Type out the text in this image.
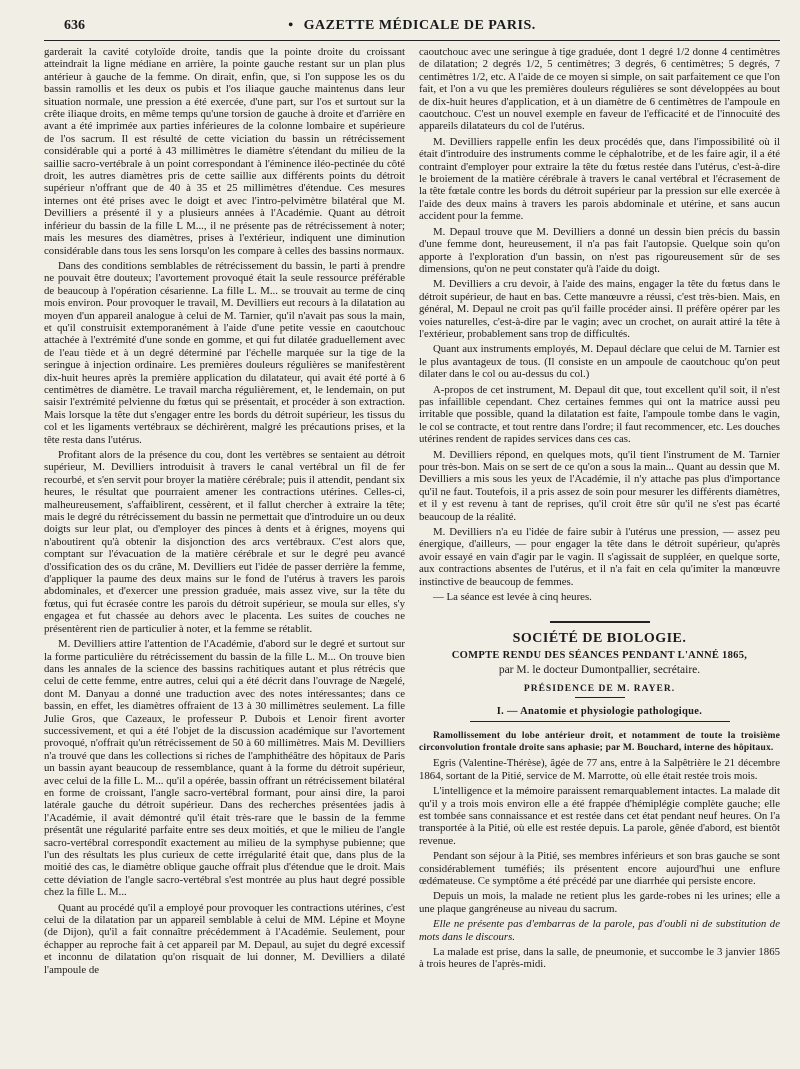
636	• GAZETTE MÉDICALE DE PARIS.

garderait la cavité cotyloïde droite, tandis que la pointe droite du croissant atteindrait la ligne médiane en arrière, la pointe gauche restant sur un plan plus antérieur à gauche de la femme. On dirait, enfin, que, si l'on suppose les os du bassin ramollis et les deux os pubis et l'os iliaque gauche maintenus dans leur situation normale, une pression a été exercée, d'une part, sur l'os et surtout sur la crête iliaque droits, en même temps qu'une torsion de gauche à droite et d'arrière en avant a été imprimée aux parties inférieures de la colonne lombaire et supérieure de l'os sacrum. Il est résulté de cette viciation du bassin un rétrécissement considérable qui a porté à 43 millimètres le diamètre s'étendant du milieu de la saillie sacro-vertébrale à un point correspondant à l'éminence iléo-pectinée du côté droit, les autres diamètres pris de cette saillie aux différents points du détroit supérieur n'offrant que de 40 à 35 et 25 millimètres d'étendue. Ces mesures internes ont été prises avec le doigt et avec l'intro-pelvimètre bilatéral que M. Devilliers a présenté il y a plusieurs années à l'Académie. Quant au détroit inférieur du bassin de la fille L M..., il ne présente pas de rétrécissement à noter; mais les mesures des diamètres, prises à l'extérieur, indiquent une diminution considérable dans tous les sens lorsqu'on les compare à celles des bassins normaux.

Dans des conditions semblables de rétrécissement du bassin, le parti à prendre ne pouvait être douteux; l'avortement provoqué était la seule ressource préférable de beaucoup à l'opération césarienne. La fille L. M... se trouvait au terme de cinq mois environ. Pour provoquer le travail, M. Devilliers eut recours à la dilatation au moyen d'un appareil analogue à celui de M. Tarnier, qu'il n'avait pas sous la main, et qu'il construisit extemporanément à l'aide d'une petite vessie en caoutchouc attachée à l'extrémité d'une sonde en gomme, et qui fut dilatée graduellement avec de l'eau tiède et à un degré déterminé par l'échelle marquée sur la tige de la seringue à injection ordinaire. Les premières douleurs régulières se manifestèrent dix-huit heures après la première application du dilatateur, qui avait été porté à 6 centimètres de diamètre. Le travail marcha régulièrement, et, le lendemain, on put saisir l'extrémité pelvienne du fœtus qui se présentait, et procéder à son extraction. Mais lorsque la tête dut s'engager entre les bords du détroit supérieur, les tissus du col et les ligaments vertébraux se déchirèrent, malgré les précautions prises, et la tête resta dans l'utérus.

Profitant alors de la présence du cou, dont les vertèbres se sentaient au détroit supérieur, M. Devilliers introduisit à travers le canal vertébral un fil de fer recourbé, et s'en servit pour broyer la matière cérébrale; puis il attendit, pendant six heures, le résultat que pourraient amener les contractions utérines. Celles-ci, malheureusement, s'affaiblirent, cessèrent, et il fallut chercher à extraire la tête; mais le degré du rétrécissement du bassin ne permettait que d'introduire un ou deux doigts sur leur plat, ou d'employer des pinces à dents et à érignes, moyens qui n'aboutirent qu'à obtenir la disjonction des arcs vertébraux. C'est alors que, comptant sur l'évacuation de la matière cérébrale et sur le degré peu avancé d'ossification des os du crâne, M. Devilliers eut l'idée de passer derrière la femme, d'appliquer la paume des deux mains sur le fond de l'utérus à travers les parois abdominales, et d'exercer une pression graduée, mais assez vive, sur la tête du fœtus, qui fut écrasée contre les parois du détroit supérieur, se moula sur elles, s'y engagea et fut chassée au dehors avec le placenta. Les suites de couches ne présentèrent rien de particulier à noter, et la femme se rétablit.

M. Devilliers attire l'attention de l'Académie, d'abord sur le degré et surtout sur la forme particulière du rétrécissement du bassin de la fille L. M... On trouve bien dans les annales de la science des bassins rachitiques autant et plus rétrécis que celui de cette femme, entre autres, celui qui a été décrit dans l'ouvrage de Nægelé, dont M. Danyau a donné une traduction avec des notes intéressantes; dans ce bassin, en effet, les diamètres offraient de 13 à 30 millimètres seulement. La fille Julie Gros, que Cazeaux, le professeur P. Dubois et Lenoir firent avorter successivement, et qui a été l'objet de la discussion académique sur l'avortement provoqué, n'offrait qu'un rétrécissement de 50 à 60 millimètres. Mais M. Devilliers n'a trouvé que dans les collections si riches de l'amphithéâtre des hôpitaux de Paris un bassin ayant beaucoup de ressemblance, quant à la forme du détroit supérieur, avec celui de la fille L. M... qu'il a opérée, bassin offrant un rétrécissement bilatéral en forme de croissant, l'angle sacro-vertébral formant, pour ainsi dire, la paroi latérale gauche du détroit supérieur. Dans des recherches présentées jadis à l'Académie, il avait démontré qu'il était très-rare que le bassin de la femme présentât une régularité parfaite entre ses deux moitiés, et que le milieu de l'angle sacro-vertébral correspondît exactement au milieu de la symphyse pubienne; que l'un des résultats les plus curieux de cette irrégularité était que, dans plus de la moitié des cas, le diamètre oblique gauche offrait plus d'étendue que le droit. Mais cette déviation de l'angle sacro-vertébral s'est montrée au plus haut degré possible chez la fille L. M...

Quant au procédé qu'il a employé pour provoquer les contractions utérines, c'est celui de la dilatation par un appareil semblable à celui de MM. Lépine et Moyne (de Dijon), qu'il a fait connaître précédemment à l'Académie. Seulement, pour échapper au reproche fait à cet appareil par M. Depaul, au sujet du degré excessif et inconnu de dilatation qu'on risquait de lui donner, M. Devilliers a dilaté l'ampoule de

caoutchouc avec une seringue à tige graduée, dont 1 degré 1/2 donne 4 centimètres de dilatation; 2 degrés 1/2, 5 centimètres; 3 degrés, 6 centimètres; 5 degrés, 7 centimètres 1/2, etc. A l'aide de ce moyen si simple, on sait parfaitement ce que l'on fait, et l'on a vu que les premières douleurs régulières se sont développées au bout de dix-huit heures d'application, et à un diamètre de 6 centimètres de l'ampoule en caoutchouc. C'est un nouvel exemple en faveur de l'efficacité et de l'innocuité des appareils dilatateurs du col de l'utérus.

M. Devilliers rappelle enfin les deux procédés que, dans l'impossibilité où il était d'introduire des instruments comme le céphalotribe, et de les faire agir, il a été contraint d'employer pour extraire la tête du fœtus restée dans l'utérus, c'est-à-dire le broiement de la matière cérébrale à travers le canal vertébral et l'écrasement de la tête fœtale contre les bords du détroit supérieur par la pression sur elle exercée à l'aide des deux mains à travers les parois abdominale et utérine, et sans aucun accident pour la femme.

M. Depaul trouve que M. Devilliers a donné un dessin bien précis du bassin d'une femme dont, heureusement, il n'a pas fait l'autopsie. Quelque soin qu'on apporte à l'exploration d'un bassin, on n'est pas rigoureusement sûr de ses dimensions, qu'on ne peut constater qu'à l'aide du doigt.

M. Devilliers a cru devoir, à l'aide des mains, engager la tête du fœtus dans le détroit supérieur, de haut en bas. Cette manœuvre a réussi, c'est très-bien. Mais, en général, M. Depaul ne croit pas qu'il faille procéder ainsi. Il préfère opérer par les voies naturelles, c'est-à-dire par le vagin; avec un crochet, on aurait attiré la tête à l'extérieur, probablement sans trop de difficultés.

Quant aux instruments employés, M. Depaul déclare que celui de M. Tarnier est le plus avantageux de tous. (Il consiste en un ampoule de caoutchouc qu'on peut dilater dans le col ou au-dessus du col.)

A-propos de cet instrument, M. Depaul dit que, tout excellent qu'il soit, il n'est pas infaillible cependant. Chez certaines femmes qui ont la matrice aussi peu irritable que possible, quand la dilatation est faite, l'ampoule tombe dans le vagin, le col se contracte, et tout rentre dans l'ordre; il faut recommencer, etc. Les douches utérines rendent de rapides services dans ces cas.

M. Devilliers répond, en quelques mots, qu'il tient l'instrument de M. Tarnier pour très-bon. Mais on se sert de ce qu'on a sous la main... Quant au dessin que M. Devilliers a mis sous les yeux de l'Académie, il n'y attache pas plus d'importance qu'il ne faut. Toutefois, il a pris assez de soin pour mesurer les différents diamètres, et il y est revenu à tant de reprises, qu'il croit être sûr qu'il ne s'est pas écarté beaucoup de la réalité.

M. Devilliers n'a eu l'idée de faire subir à l'utérus une pression, — assez peu énergique, d'ailleurs, — pour engager la tête dans le détroit supérieur, qu'après avoir essayé en vain d'agir par le vagin. Il s'agissait de suppléer, en quelque sorte, aux contractions absentes de l'utérus, et il n'a fait en cela qu'imiter la manœuvre instinctive de beaucoup de femmes.

— La séance est levée à cinq heures.

SOCIÉTÉ DE BIOLOGIE.
COMPTE RENDU DES SÉANCES PENDANT L'ANNÉ 1865,
par M. le docteur Dumontpallier, secrétaire.
PRÉSIDENCE DE M. RAYER.
I. — Anatomie et physiologie pathologique.

Ramollissement du lobe antérieur droit, et notamment de toute la troisième circonvolution frontale droite sans aphasie; par M. Bouchard, interne des hôpitaux.

Egris (Valentine-Thérèse), âgée de 77 ans, entre à la Salpêtrière le 21 décembre 1864, sortant de la Pitié, service de M. Marrotte, où elle était restée trois mois.

L'intelligence et la mémoire paraissent remarquablement intactes. La malade dit qu'il y a trois mois environ elle a été frappée d'hémiplégie complète gauche; elle est tombée sans connaissance et est restée dans cet état pendant neuf heures. On l'a transportée à la Pitié, où elle est restée depuis. La parole, gênée d'abord, est bientôt revenue.

Pendant son séjour à la Pitié, ses membres inférieurs et son bras gauche se sont considérablement tuméfiés; ils présentent encore aujourd'hui une enflure œdémateuse. Ce symptôme a été précédé par une diarrhée qui persiste encore.

Depuis un mois, la malade ne retient plus les garde-robes ni les urines; elle a une plaque gangréneuse au niveau du sacrum.

Elle ne présente pas d'embarras de la parole, pas d'oubli ni de substitution de mots dans le discours.

La malade est prise, dans la salle, de pneumonie, et succombe le 3 janvier 1865 à trois heures de l'après-midi.
